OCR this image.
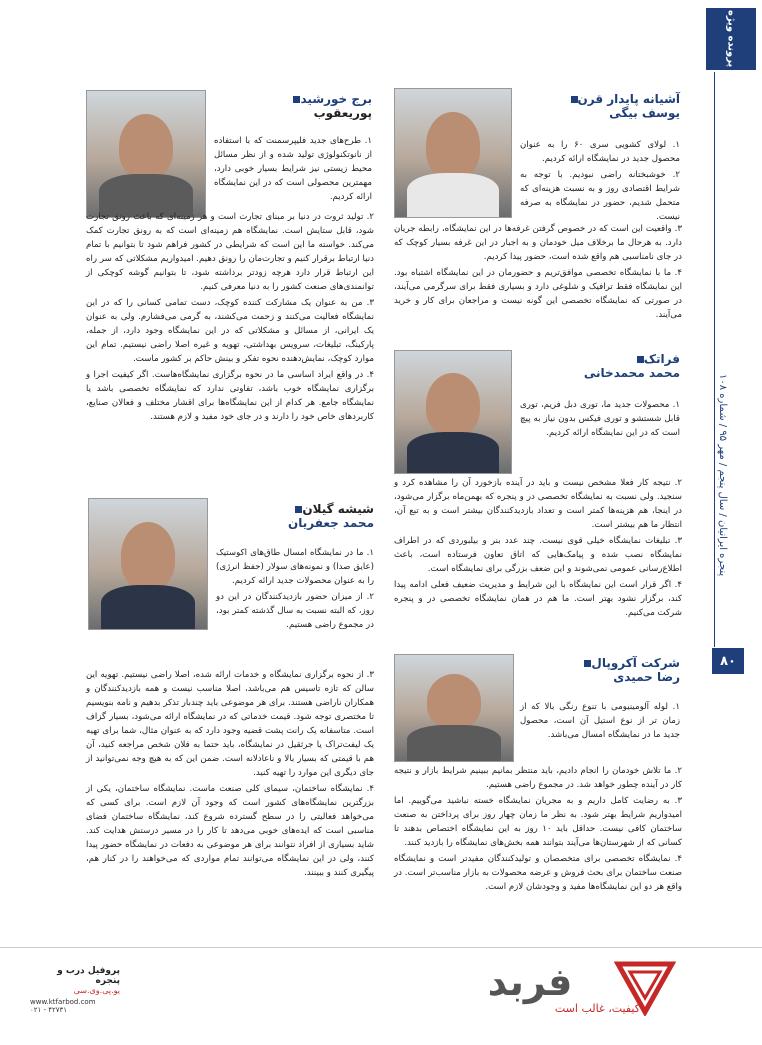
پرونده ویژه
پنجره ایرانیان / سال پنجم / مهر ۹۵ / شماره ۱۰۸
۸۰
آشیانه پایدار قرن
یوسف بیگی

۱. لولای کشویی سری ۶۰ را به عنوان محصول جدید در نمایشگاه ارائه کردیم.

۲. خوشبختانه راضی نبودیم. با توجه به شرایط اقتصادی روز و به نسبت هزینه‌ای که متحمل شدیم، حضور در نمایشگاه به صرفه نیست.

۳. واقعیت این است که در خصوص گرفتن غرفه‌ها در این نمایشگاه، رابطه جریان دارد. به هرحال ما برخلاف میل خودمان و به اجبار در این غرفه بسیار کوچک که در جای نامناسبی هم واقع شده است، حضور پیدا کردیم.

۴. ما با نمایشگاه تخصصی موافق‌تریم و حضورمان در این نمایشگاه اشتباه بود. این نمایشگاه فقط ترافیک و شلوغی دارد و بسیاری فقط برای سرگرمی می‌آیند، در صورتی که نمایشگاه تخصصی این گونه نیست و مراجعان برای کار و خرید می‌آیند.

برج خورشید
پوریعقوب

۱. طرح‌های جدید فلیپرسمنت که با استفاده از نانوتکنولوژی تولید شده و از نظر مسائل محیط زیستی نیز شرایط بسیار خوبی دارد، مهمترین محصولی است که در این نمایشگاه ارائه کردیم.

۲. تولید ثروت در دنیا بر مبنای تجارت است و هر زمینه‌ای که باعث رونق تجارت شود، قابل ستایش است. نمایشگاه هم زمینه‌ای است که به رونق تجارت کمک می‌کند. خواسته ما این است که شرایطی در کشور فراهم شود تا بتوانیم با تمام دنیا ارتباط برقرار کنیم و تجارت‌مان را رونق دهیم. امیدواریم مشکلاتی که سر راه این ارتباط قرار دارد هرچه زودتر برداشته شود، تا بتوانیم گوشه کوچکی از توانمندی‌های صنعت کشور را به دنیا معرفی کنیم.

۳. من به عنوان یک مشارکت کننده کوچک، دست تمامی کسانی را که در این نمایشگاه فعالیت می‌کنند و زحمت می‌کشند، به گرمی می‌فشارم. ولی به عنوان یک ایرانی، از مسائل و مشکلاتی که در این نمایشگاه وجود دارد، از جمله، پارکینگ، تبلیغات، سرویس بهداشتی، تهویه و غیره اصلا راضی نیستیم. تمام این موارد کوچک، نمایش‌دهنده نحوه تفکر و بینش حاکم بر کشور ماست.

۴. در واقع ایراد اساسی ما در نحوه برگزاری نمایشگاه‌هاست. اگر کیفیت اجرا و برگزاری نمایشگاه خوب باشد، تفاوتی ندارد که نمایشگاه تخصصی باشد یا نمایشگاه جامع. هر کدام از این نمایشگاه‌ها برای اقشار مختلف و فعالان صنایع، کاربردهای خاص خود را دارند و در جای خود مفید و لازم هستند.

فراتک
محمد محمدخانی

۱. محصولات جدید ما، توری دبل فریم، توری قابل شستشو و توری فیکس بدون نیاز به پیچ است که در این نمایشگاه ارائه کردیم.

۲. نتیجه کار فعلا مشخص نیست و باید در آینده بازخورد آن را مشاهده کرد و سنجید. ولی نسبت به نمایشگاه تخصصی در و پنجره که بهمن‌ماه برگزار می‌شود، در اینجا، هم هزینه‌ها کمتر است و تعداد بازدیدکنندگان بیشتر است و به تبع آن، انتظار ما هم بیشتر است.

۳. تبلیغات نمایشگاه خیلی قوی نیست. چند عدد بنر و بیلبوردی که در اطراف نمایشگاه نصب شده و پیامک‌هایی که اتاق تعاون فرستاده است، باعث اطلاع‌رسانی عمومی نمی‌شوند و این ضعف بزرگی برای نمایشگاه است.

۴. اگر قرار است این نمایشگاه با این شرایط و مدیریت ضعیف فعلی ادامه پیدا کند، برگزار نشود بهتر است. ما هم در همان نمایشگاه تخصصی در و پنجره شرکت می‌کنیم.

شیشه گیلان
محمد جعفریان

۱. ما در نمایشگاه امسال طاق‌های اکوستیک (عایق صدا) و نمونه‌های سولار (حفظ انرژی) را به عنوان محصولات جدید ارائه کردیم.

۲. از میزان حضور بازدیدکنندگان در این دو روز، که البته نسبت به سال گذشته کمتر بود، در مجموع راضی هستیم.

۳. از نحوه برگزاری نمایشگاه و خدمات ارائه شده، اصلا راضی نیستیم. تهویه این سالن که تازه تاسیس هم می‌باشد، اصلا مناسب نیست و همه بازدیدکنندگان و همکاران ناراضی هستند. برای هر موضوعی باید چندبار تذکر بدهیم و نامه بنویسیم تا مختصری توجه شود. قیمت خدماتی که در نمایشگاه ارائه می‌شود، بسیار گزاف است. متاسفانه یک رانت پشت قضیه وجود دارد که به عنوان مثال، شما برای تهیه یک لیفت‌تراک یا جرثقیل در نمایشگاه، باید حتما به فلان شخص مراجعه کنید، آن هم با قیمتی که بسیار بالا و ناعادلانه است. ضمن این که به هیچ وجه نمی‌توانید از جای دیگری این موارد را تهیه کنید.

۴. نمایشگاه ساختمان، سیمای کلی صنعت ماست. نمایشگاه ساختمان، یکی از بزرگترین نمایشگاه‌های کشور است که وجود آن لازم است. برای کسی که می‌خواهد فعالیتی را در سطح گسترده شروع کند، نمایشگاه ساختمان فضای مناسبی است که ایده‌های خوبی می‌دهد تا کار را در مسیر درستش هدایت کند. شاید بسیاری از افراد نتوانند برای هر موضوعی به دفعات در نمایشگاه حضور پیدا کنند، ولی در این نمایشگاه می‌توانند تمام مواردی که می‌خواهند را در کنار هم، پیگیری کنند و ببینند.

شرکت آکروپال
رضا حمیدی

۱. لوله آلومینیومی با تنوع رنگی بالا که از زمان تر از نوع استیل آن است، محصول جدید ما در نمایشگاه امسال می‌باشد.

۲. ما تلاش خودمان را انجام دادیم، باید منتظر بمانیم ببینیم شرایط بازار و نتیجه کار در آینده چطور خواهد شد. در مجموع راضی هستیم.

۳. به رضایت کامل داریم و به مجریان نمایشگاه خسته نباشید می‌گوییم. اما امیدواریم شرایط بهتر شود. به نظر ما زمان چهار روز برای پرداختن به صنعت ساختمان کافی نیست. حداقل باید ۱۰ روز به این نمایشگاه اختصاص بدهند تا کسانی که از شهرستان‌ها می‌آیند بتوانند همه بخش‌های نمایشگاه را بازدید کنند.

۴. نمایشگاه تخصصی برای متخصصان و تولیدکنندگان مفیدتر است و نمایشگاه صنعت ساختمان برای بحث فروش و عرضه محصولات به بازار مناسب‌تر است. در واقع هر دو این نمایشگاه‌ها مفید و وجودشان لازم است.

فربد
کیفیت، غالب است
پروفیل درب و پنجره
یو.پی.وی.سی
www.ktfarbod.com
۰۲۱ - ۴۲۷۳۱
